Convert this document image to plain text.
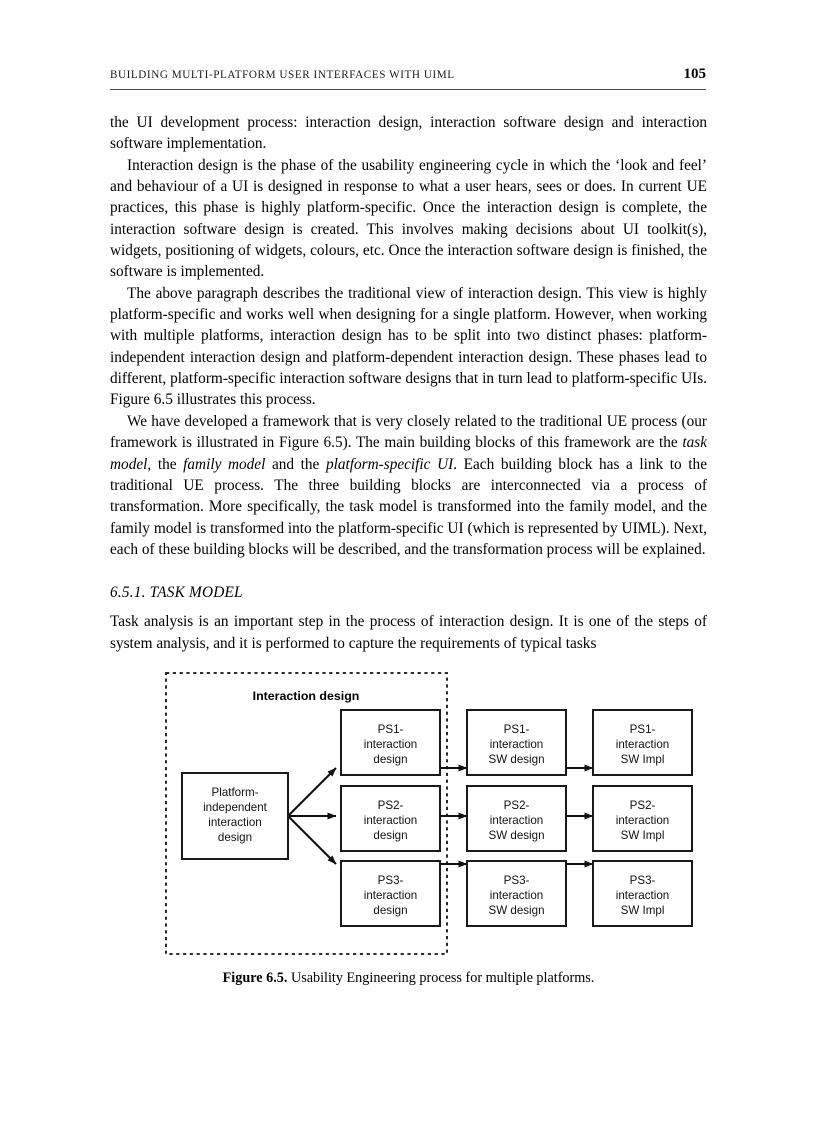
BUILDING MULTI-PLATFORM USER INTERFACES WITH UIML	105

the UI development process: interaction design, interaction software design and interaction software implementation.

Interaction design is the phase of the usability engineering cycle in which the ‘look and feel’ and behaviour of a UI is designed in response to what a user hears, sees or does. In current UE practices, this phase is highly platform-specific. Once the interaction design is complete, the interaction software design is created. This involves making decisions about UI toolkit(s), widgets, positioning of widgets, colours, etc. Once the interaction software design is finished, the software is implemented.

The above paragraph describes the traditional view of interaction design. This view is highly platform-specific and works well when designing for a single platform. However, when working with multiple platforms, interaction design has to be split into two distinct phases: platform-independent interaction design and platform-dependent interaction design. These phases lead to different, platform-specific interaction software designs that in turn lead to platform-specific UIs. Figure 6.5 illustrates this process.

We have developed a framework that is very closely related to the traditional UE process (our framework is illustrated in Figure 6.5). The main building blocks of this framework are the task model, the family model and the platform-specific UI. Each building block has a link to the traditional UE process. The three building blocks are interconnected via a process of transformation. More specifically, the task model is transformed into the family model, and the family model is transformed into the platform-specific UI (which is represented by UIML). Next, each of these building blocks will be described, and the transformation process will be explained.

6.5.1. TASK MODEL

Task analysis is an important step in the process of interaction design. It is one of the steps of system analysis, and it is performed to capture the requirements of typical tasks

Interaction design
Platform-
independent
interaction
design
PS1-
interaction
design
PS2-
interaction
design
PS3-
interaction
design
PS1-
interaction
SW design
PS2-
interaction
SW design
PS3-
interaction
SW design
PS1-
interaction
SW Impl
PS2-
interaction
SW Impl
PS3-
interaction
SW Impl
Figure 6.5. Usability Engineering process for multiple platforms.
